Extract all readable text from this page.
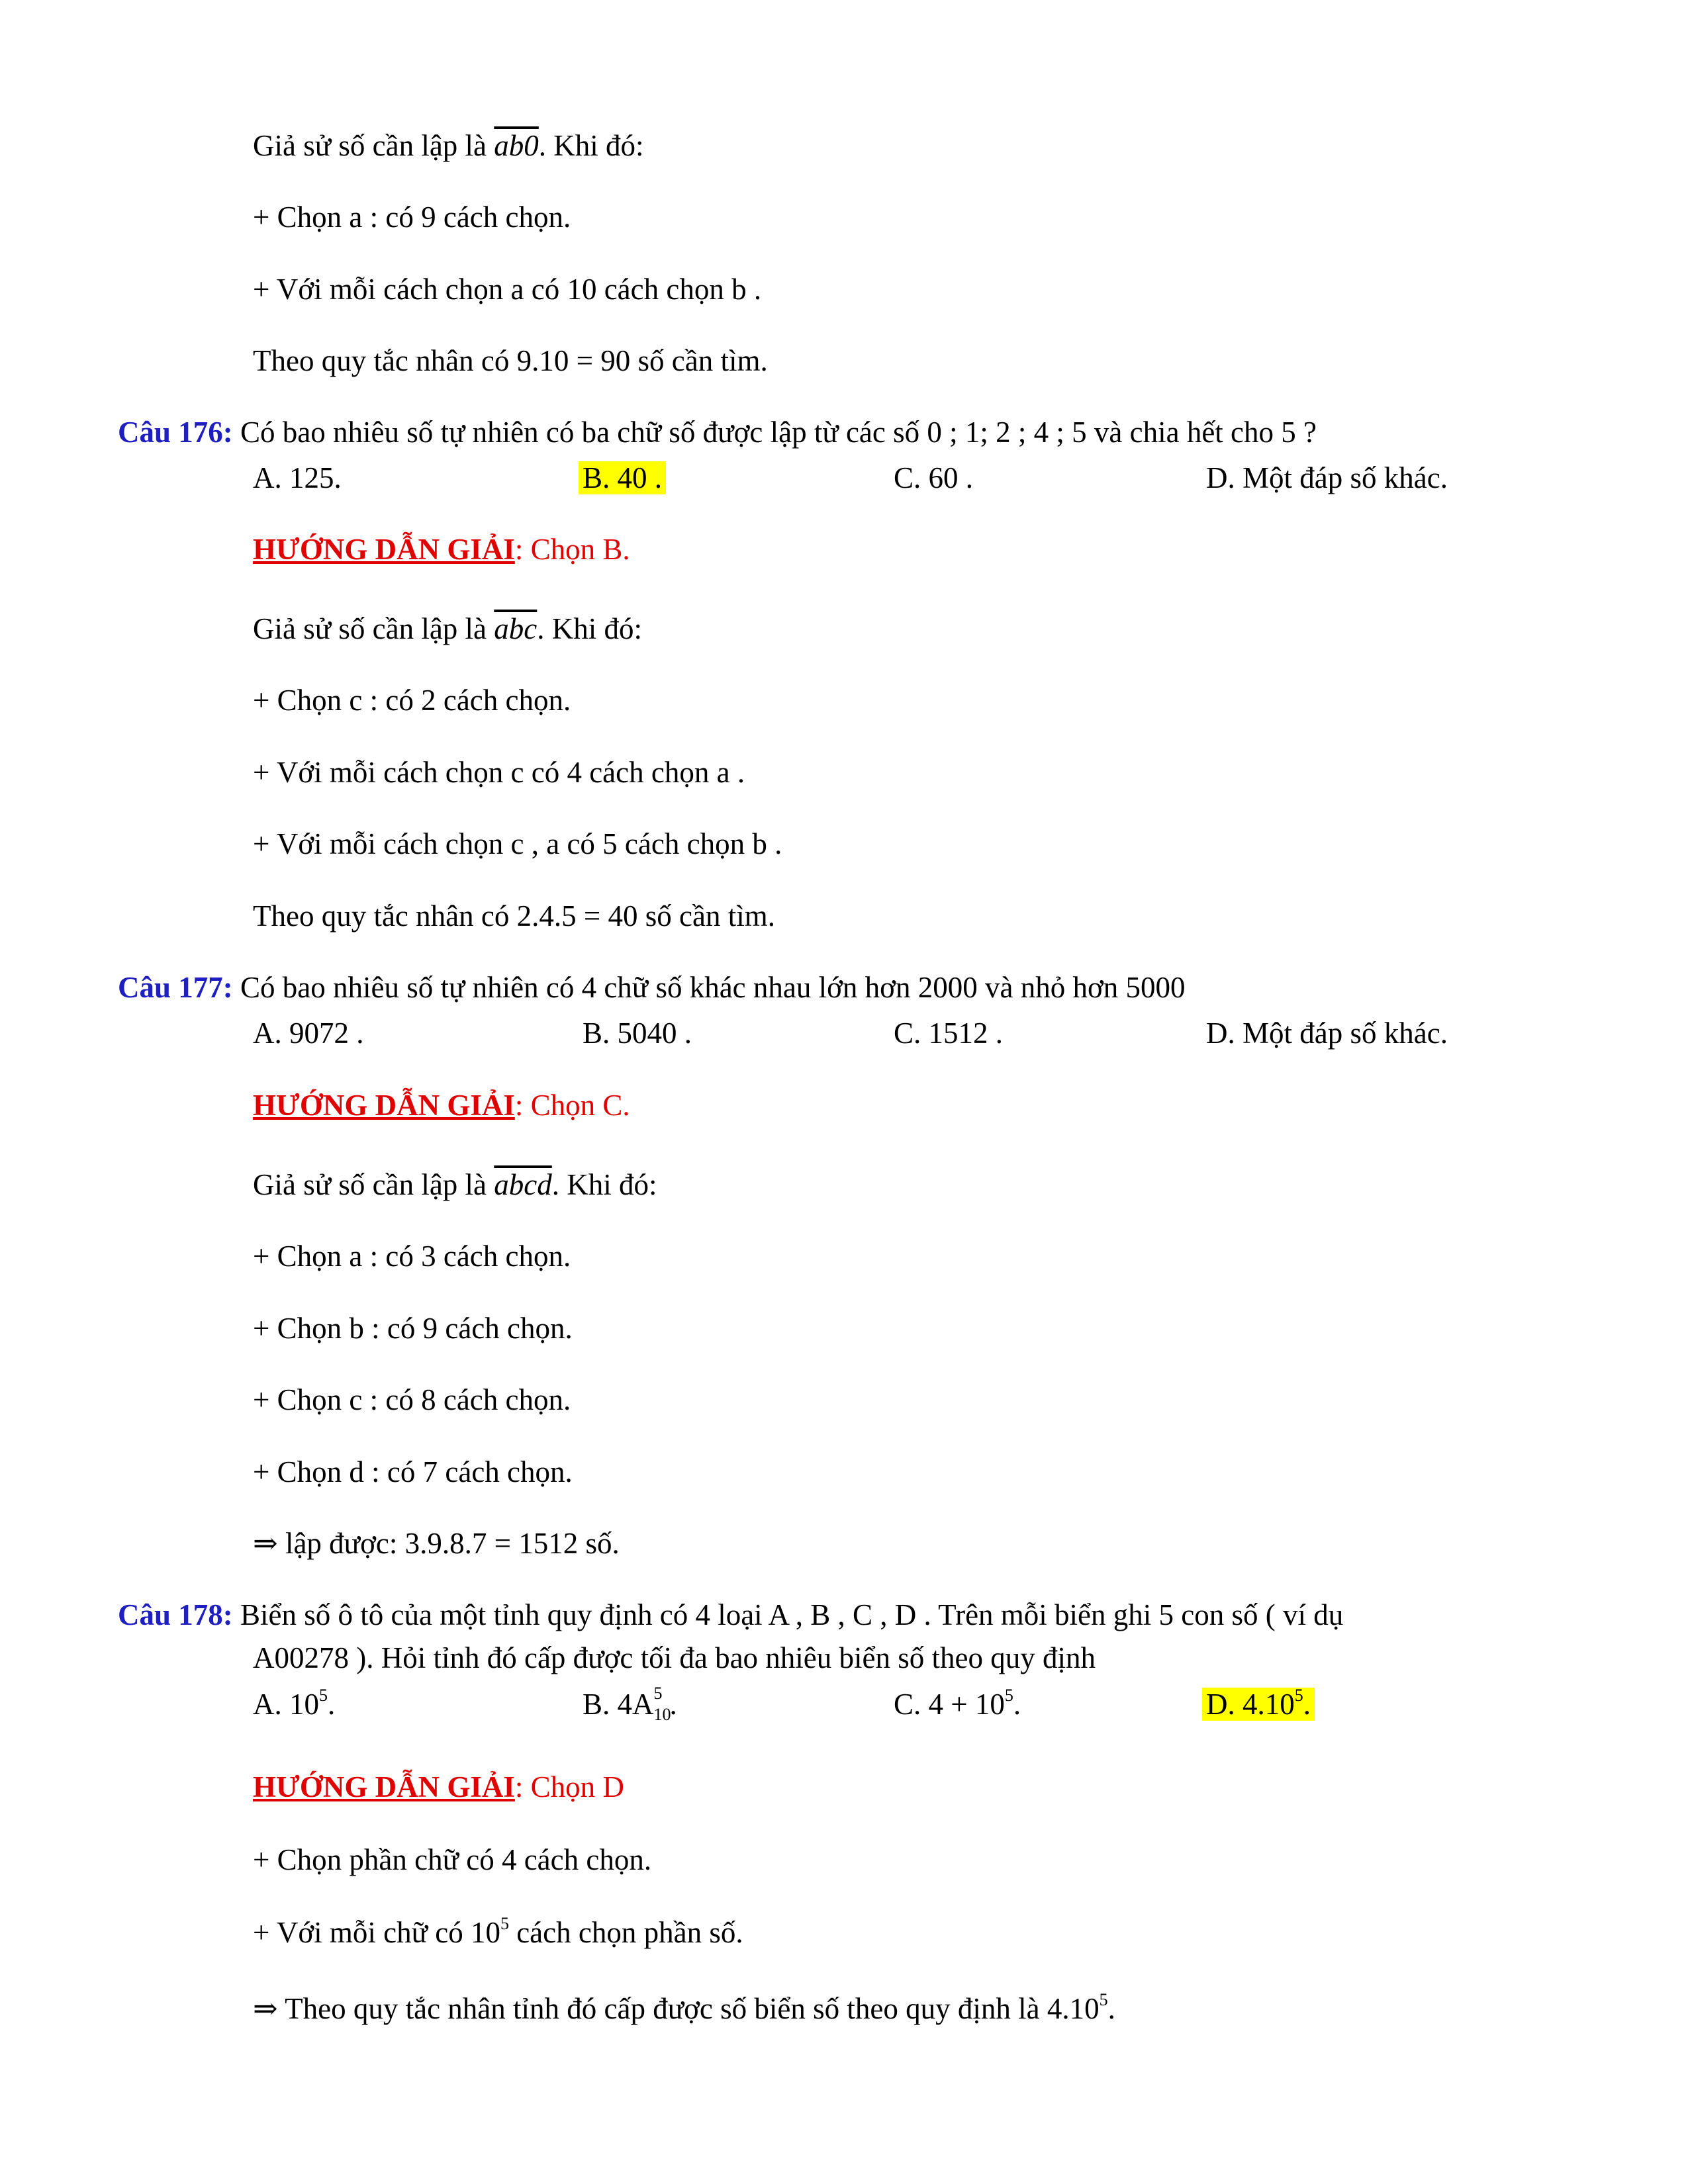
Giả sử số cần lập là ab0. Khi đó:
+ Chọn a : có 9 cách chọn.
+ Với mỗi cách chọn a có 10 cách chọn b .
Theo quy tắc nhân có 9.10 = 90 số cần tìm.
Câu 176: Có bao nhiêu số tự nhiên có ba chữ số được lập từ các số 0 ; 1; 2 ; 4 ; 5 và chia hết cho 5 ?
A. 125.	B. 40 .	C. 60 .	D. Một đáp số khác.
HƯỚNG DẪN GIẢI: Chọn B.
Giả sử số cần lập là $\overline{abc}$. Khi đó:
+ Chọn c : có 2 cách chọn.
+ Với mỗi cách chọn c có 4 cách chọn a .
+ Với mỗi cách chọn c , a có 5 cách chọn b .
Theo quy tắc nhân có 2.4.5 = 40 số cần tìm.
Câu 177: Có bao nhiêu số tự nhiên có 4 chữ số khác nhau lớn hơn 2000 và nhỏ hơn 5000
A. 9072 .	B. 5040 .	C. 1512 .	D. Một đáp số khác.
HƯỚNG DẪN GIẢI: Chọn C.
Giả sử số cần lập là abcd. Khi đó:
+ Chọn a : có 3 cách chọn.
+ Chọn b : có 9 cách chọn.
+ Chọn c : có 8 cách chọn.
+ Chọn d : có 7 cách chọn.
⇒ lập được: 3.9.8.7 = 1512 số.
Câu 178: Biển số ô tô của một tỉnh quy định có 4 loại A , B , C , D . Trên mỗi biển ghi 5 con số ( ví dụ
A00278 ). Hỏi tỉnh đó cấp được tối đa bao nhiêu biển số theo quy định
A. $10^5$.	B. 4A 5
10
.	C. $4 + 10^5$.	D. 4.10$^5$.
HƯỚNG DẪN GIẢI: Chọn D
+ Chọn phần chữ có 4 cách chọn.
+ Với mỗi chữ có $10^5$ cách chọn phần số.
⇒ Theo quy tắc nhân tỉnh đó cấp được số biển số theo quy định là 4.10$^5$.
